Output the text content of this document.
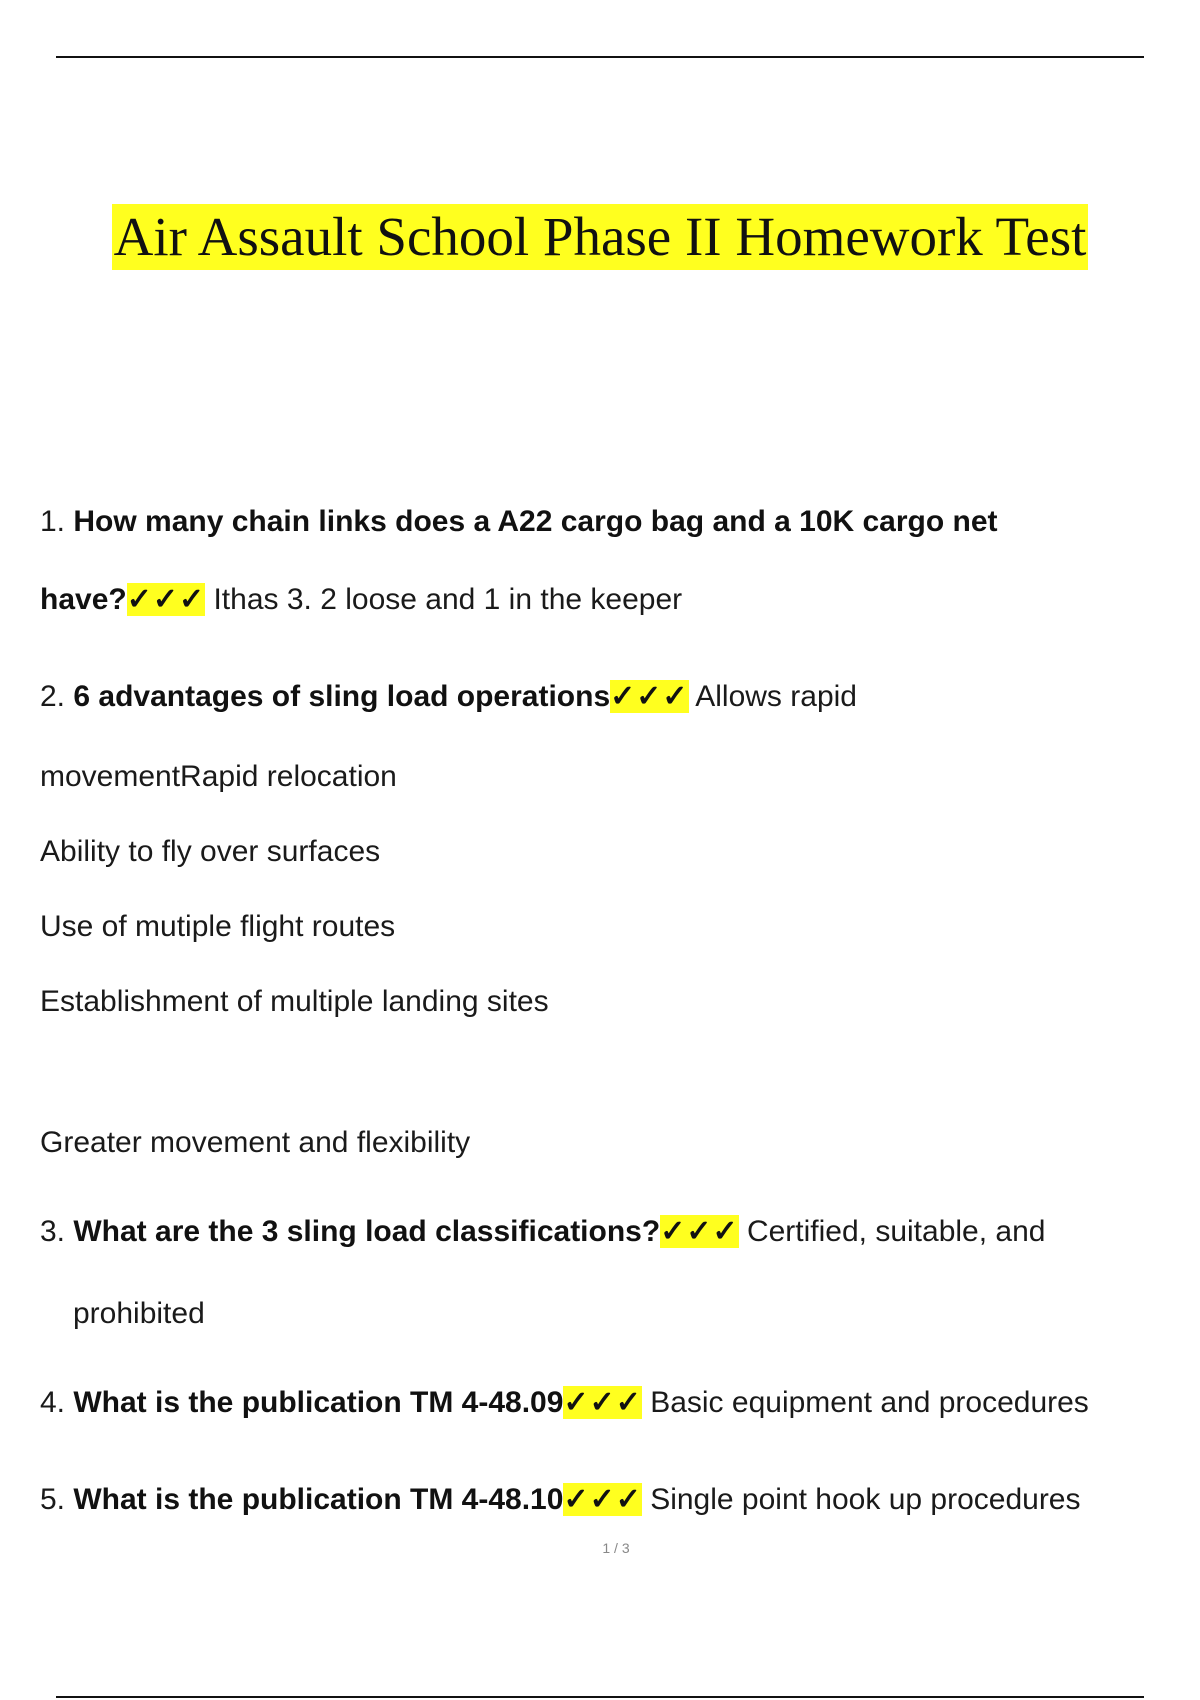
Air Assault School Phase II Homework Test
1. How many chain links does a A22 cargo bag and a 10K cargo net
have?✓✓✓ Ithas 3. 2 loose and 1 in the keeper
2. 6 advantages of sling load operations✓✓✓ Allows rapid
movementRapid relocation
Ability to fly over surfaces
Use of mutiple flight routes
Establishment of multiple landing sites
Greater movement and flexibility
3. What are the 3 sling load classifications?✓✓✓ Certified, suitable, and
prohibited
4. What is the publication TM 4-48.09✓✓✓ Basic equipment and procedures
5. What is the publication TM 4-48.10✓✓✓ Single point hook up procedures
1 / 3
